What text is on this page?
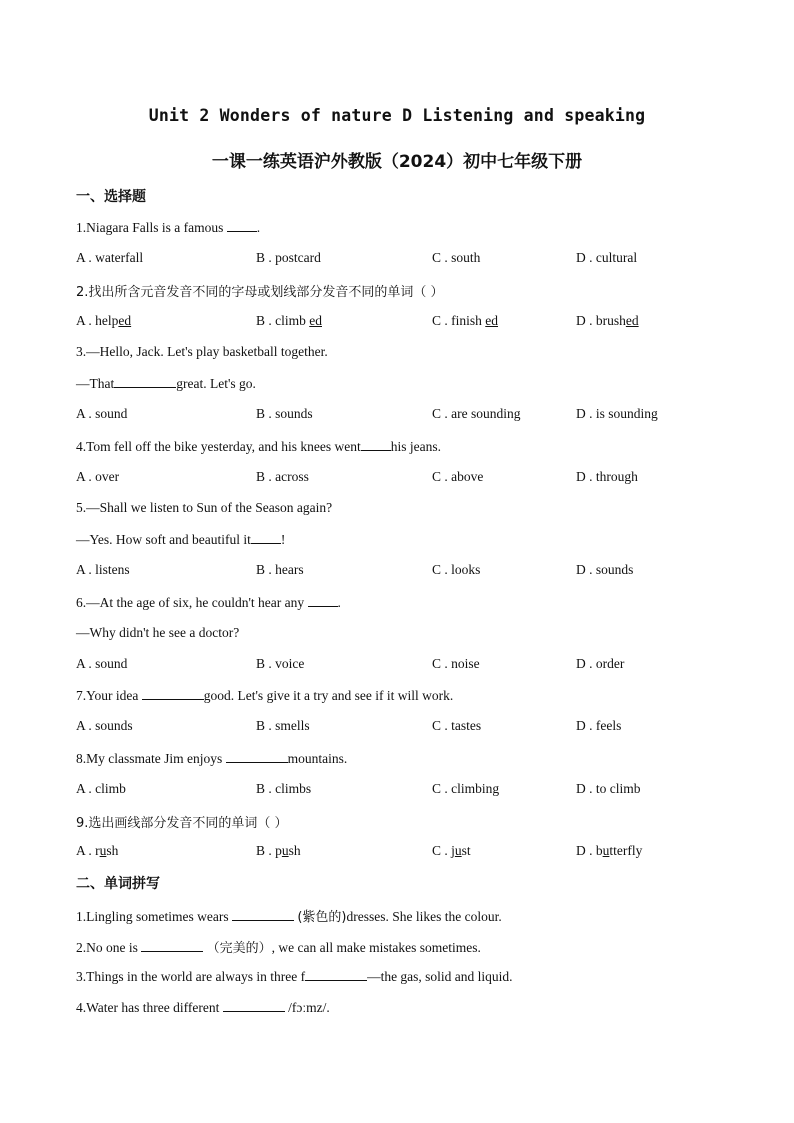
Unit 2 Wonders of nature D Listening and speaking
一课一练英语沪外教版（2024）初中七年级下册
一、选择题
1.Niagara Falls is a famous .
A . waterfall	B . postcard	C . south	D . cultural
2.找出所含元音发音不同的字母或划线部分发音不同的单词（ ）
A . helped	B . climb ed	C . finish ed	D . brushed
3.—Hello, Jack. Let's play basketball together.
—That	great. Let's go.
A . sound	B . sounds	C . are sounding	D . is sounding
4.Tom fell off the bike yesterday, and his knees went his jeans.
A . over	B . across	C . above	D . through
5.—Shall we listen to Sun of the Season again?
—Yes. How soft and beautiful it !
A . listens	B . hears	C . looks	D . sounds
6.—At the age of six, he couldn't hear any .
—Why didn't he see a doctor?
A . sound	B . voice	C . noise	D . order
7.Your idea	good. Let's give it a try and see if it will work.
A . sounds	B . smells	C . tastes	D . feels
8.My classmate Jim enjoys	mountains.
A . climb	B . climbs	C . climbing	D . to climb
9.选出画线部分发音不同的单词（ ）
A . rush	B . push	C . just	D . butterfly
二、单词拼写
1.Lingling sometimes wears	(紫色的)dresses. She likes the colour.
2.No one is	（完美的）, we can all make mistakes sometimes.
3.Things in the world are always in three f	—the gas, solid and liquid.
4.Water has three different	/fɔːmz/.
